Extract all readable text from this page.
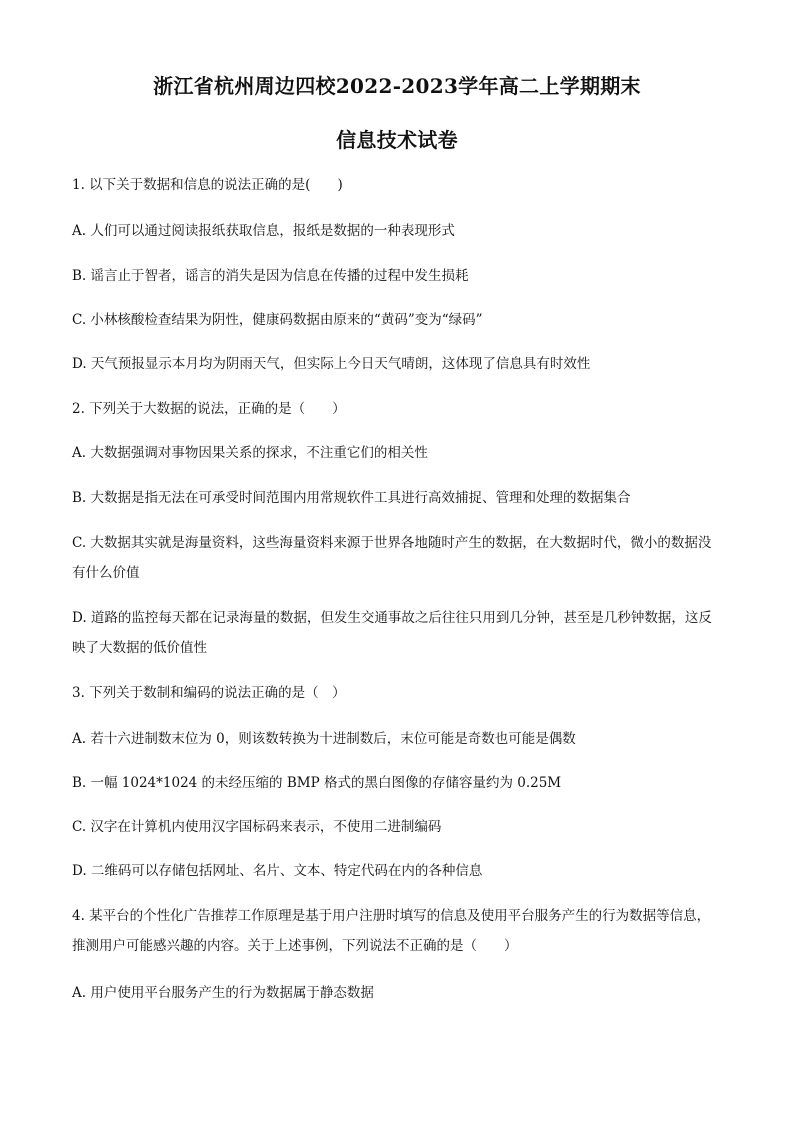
浙江省杭州周边四校2022-2023学年高二上学期期末
信息技术试卷
1. 以下关于数据和信息的说法正确的是(　　)
A. 人们可以通过阅读报纸获取信息，报纸是数据的一种表现形式
B. 谣言止于智者，谣言的消失是因为信息在传播的过程中发生损耗
C. 小林核酸检查结果为阴性，健康码数据由原来的“黄码”变为“绿码”
D. 天气预报显示本月均为阴雨天气，但实际上今日天气晴朗，这体现了信息具有时效性
2. 下列关于大数据的说法，正确的是（　　）
A. 大数据强调对事物因果关系的探求，不注重它们的相关性
B. 大数据是指无法在可承受时间范围内用常规软件工具进行高效捕捉、管理和处理的数据集合
C. 大数据其实就是海量资料，这些海量资料来源于世界各地随时产生的数据，在大数据时代，微小的数据没有什么价值
D. 道路的监控每天都在记录海量的数据，但发生交通事故之后往往只用到几分钟，甚至是几秒钟数据，这反映了大数据的低价值性
3. 下列关于数制和编码的说法正确的是（　）
A. 若十六进制数末位为 0，则该数转换为十进制数后，末位可能是奇数也可能是偶数
B. 一幅 1024*1024 的未经压缩的 BMP 格式的黑白图像的存储容量约为 0.25M
C. 汉字在计算机内使用汉字国标码来表示，不使用二进制编码
D. 二维码可以存储包括网址、名片、文本、特定代码在内的各种信息
4. 某平台的个性化广告推荐工作原理是基于用户注册时填写的信息及使用平台服务产生的行为数据等信息，推测用户可能感兴趣的内容。关于上述事例，下列说法不正确的是（　　）
A. 用户使用平台服务产生的行为数据属于静态数据
